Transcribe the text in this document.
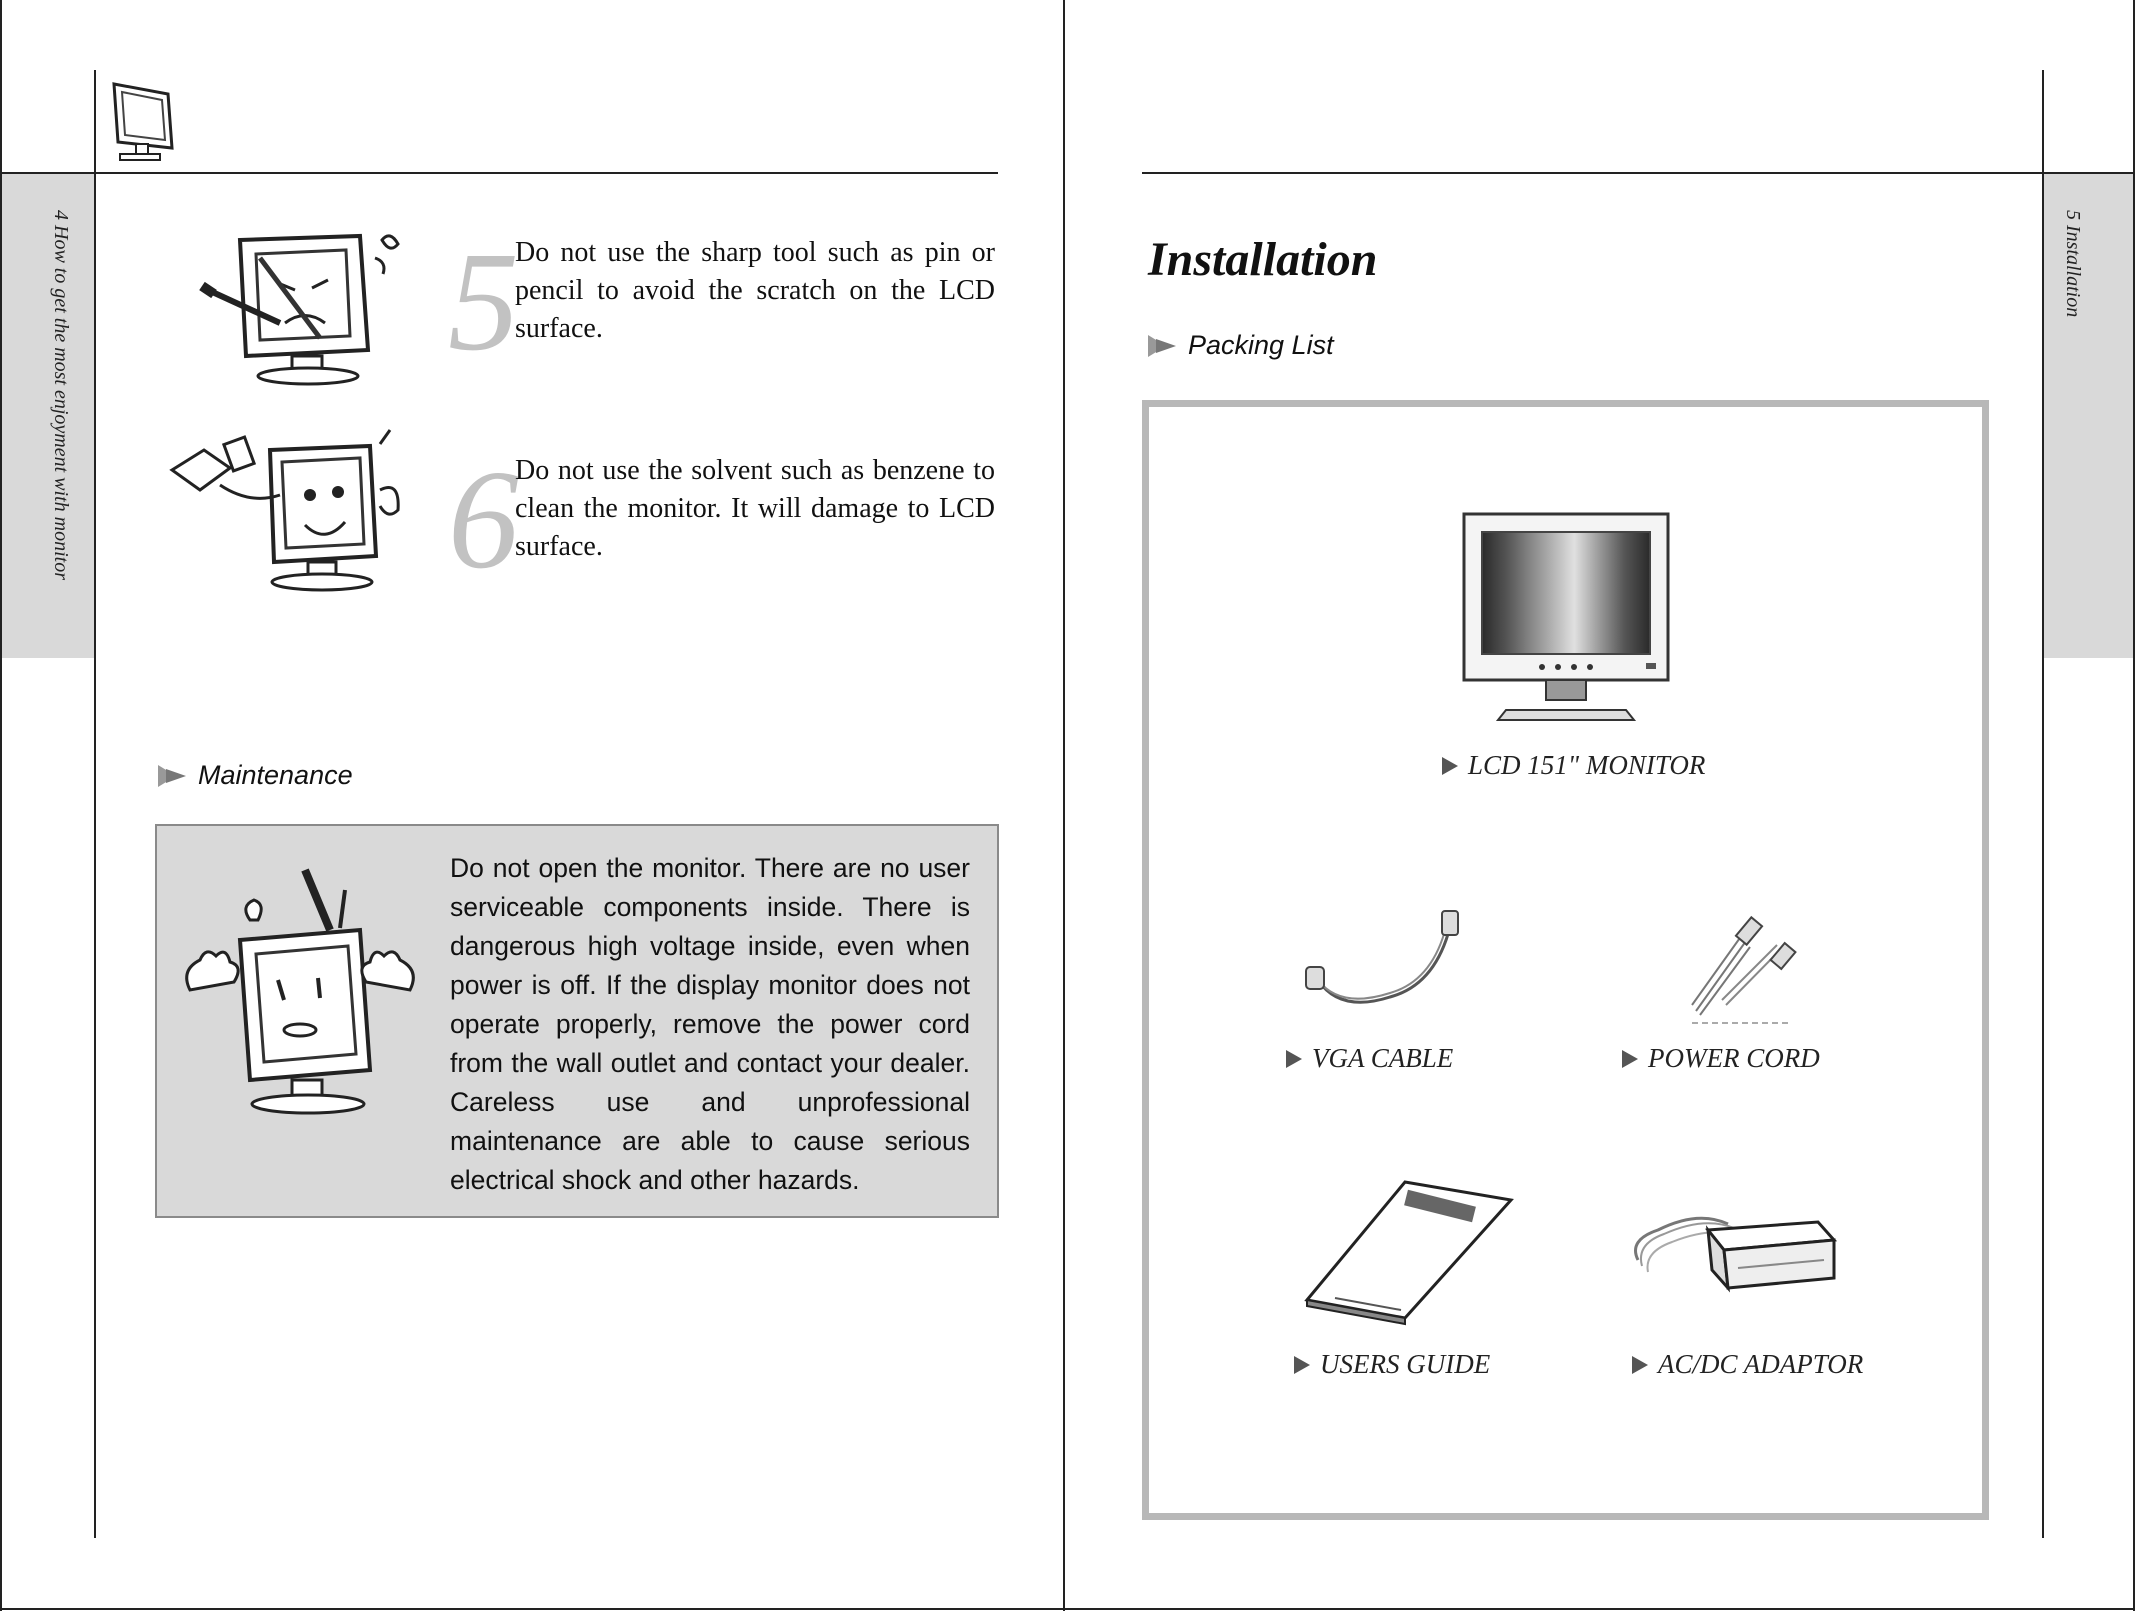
4 How to get the most enjoyment with monitor	5 Installation
5
Do not use the sharp tool such as pin or pencil to avoid the scratch on the LCD surface.
6
Do not use the solvent such as benzene to clean the monitor. It will damage to LCD surface.
Maintenance
Do not open the monitor. There are no user serviceable components inside. There is dangerous high voltage inside, even when power is off. If the display monitor does not operate properly, remove the power cord from the wall outlet and contact your dealer. Careless use and unprofessional maintenance are able to cause serious electrical shock and other hazards.
Installation
Packing List
LCD 151" MONITOR
VGA CABLE	POWER CORD
USERS GUIDE	AC/DC ADAPTOR
